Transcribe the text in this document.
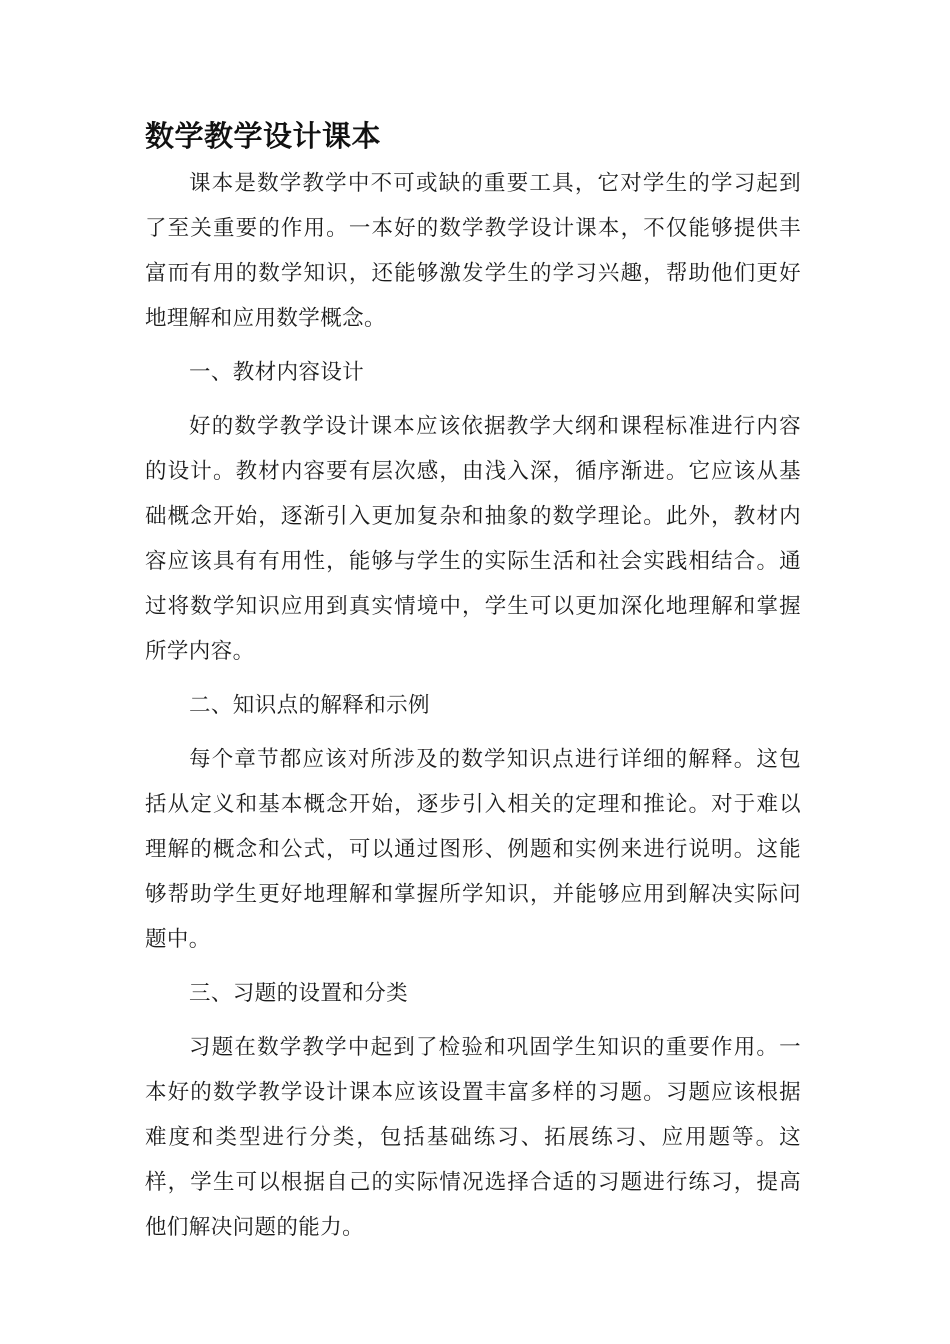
数学教学设计课本

课本是数学教学中不可或缺的重要工具，它对学生的学习起到了至关重要的作用。一本好的数学教学设计课本，不仅能够提供丰富而有用的数学知识，还能够激发学生的学习兴趣，帮助他们更好地理解和应用数学概念。

一、教材内容设计

好的数学教学设计课本应该依据教学大纲和课程标准进行内容的设计。教材内容要有层次感，由浅入深，循序渐进。它应该从基础概念开始，逐渐引入更加复杂和抽象的数学理论。此外，教材内容应该具有有用性，能够与学生的实际生活和社会实践相结合。通过将数学知识应用到真实情境中，学生可以更加深化地理解和掌握所学内容。

二、知识点的解释和示例

每个章节都应该对所涉及的数学知识点进行详细的解释。这包括从定义和基本概念开始，逐步引入相关的定理和推论。对于难以理解的概念和公式，可以通过图形、例题和实例来进行说明。这能够帮助学生更好地理解和掌握所学知识，并能够应用到解决实际问题中。

三、习题的设置和分类

习题在数学教学中起到了检验和巩固学生知识的重要作用。一本好的数学教学设计课本应该设置丰富多样的习题。习题应该根据难度和类型进行分类，包括基础练习、拓展练习、应用题等。这样，学生可以根据自己的实际情况选择合适的习题进行练习，提高他们解决问题的能力。
